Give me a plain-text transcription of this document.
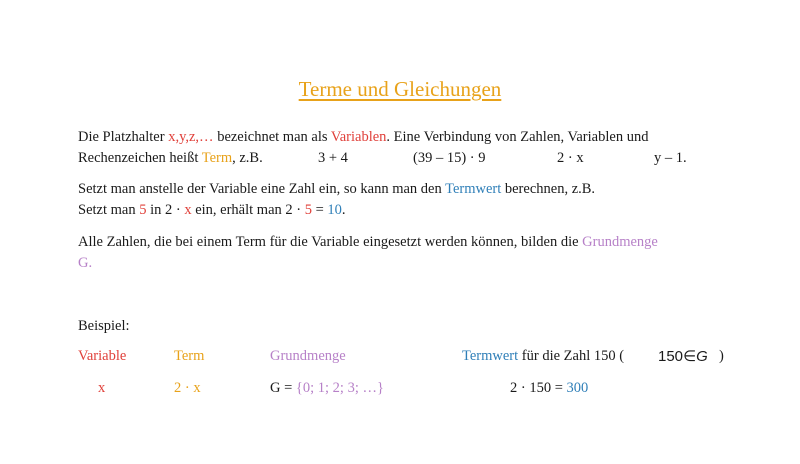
Terme und Gleichungen
Die Platzhalter x,y,z,… bezeichnet man als Variablen. Eine Verbindung von Zahlen, Variablen und
Rechenzeichen heißt Term, z.B.	3 + 4	(39 – 15) · 9	2 · x	y – 1.
Setzt man anstelle der Variable eine Zahl ein, so kann man den Termwert berechnen, z.B.
Setzt man 5 in 2 · x ein, erhält man 2 · 5 = 10.
Alle Zahlen, die bei einem Term für die Variable eingesetzt werden können, bilden die Grundmenge
G.
Beispiel:
Variable	Term	Grundmenge	Termwert für die Zahl 150 ( 150∈G )
x	2 · x	G = {0; 1; 2; 3; …}	2 · 150 = 300
